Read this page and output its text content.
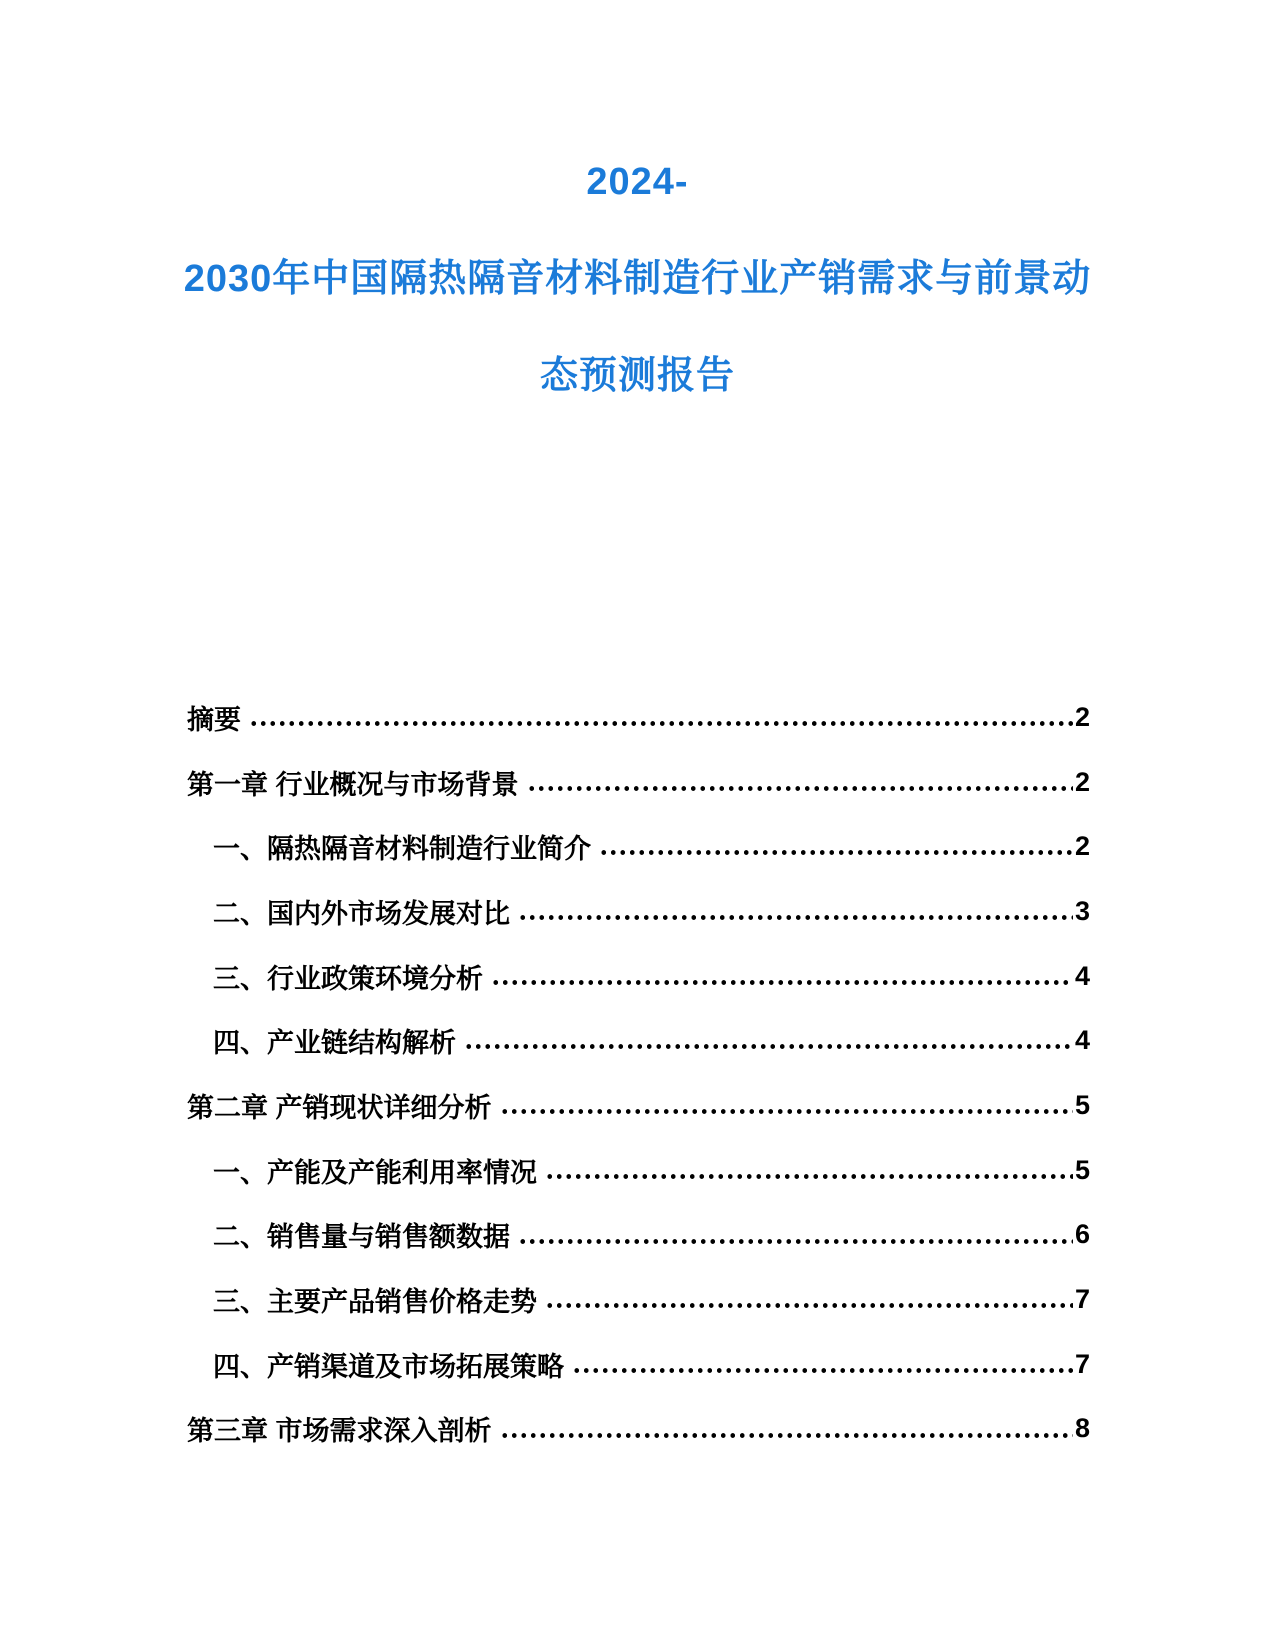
2024-
2030年中国隔热隔音材料制造行业产销需求与前景动
态预测报告
摘要	2
第一章 行业概况与市场背景	2
一、隔热隔音材料制造行业简介	2
二、国内外市场发展对比	3
三、行业政策环境分析	4
四、产业链结构解析	4
第二章 产销现状详细分析	5
一、产能及产能利用率情况	5
二、销售量与销售额数据	6
三、主要产品销售价格走势	7
四、产销渠道及市场拓展策略	7
第三章 市场需求深入剖析	8
